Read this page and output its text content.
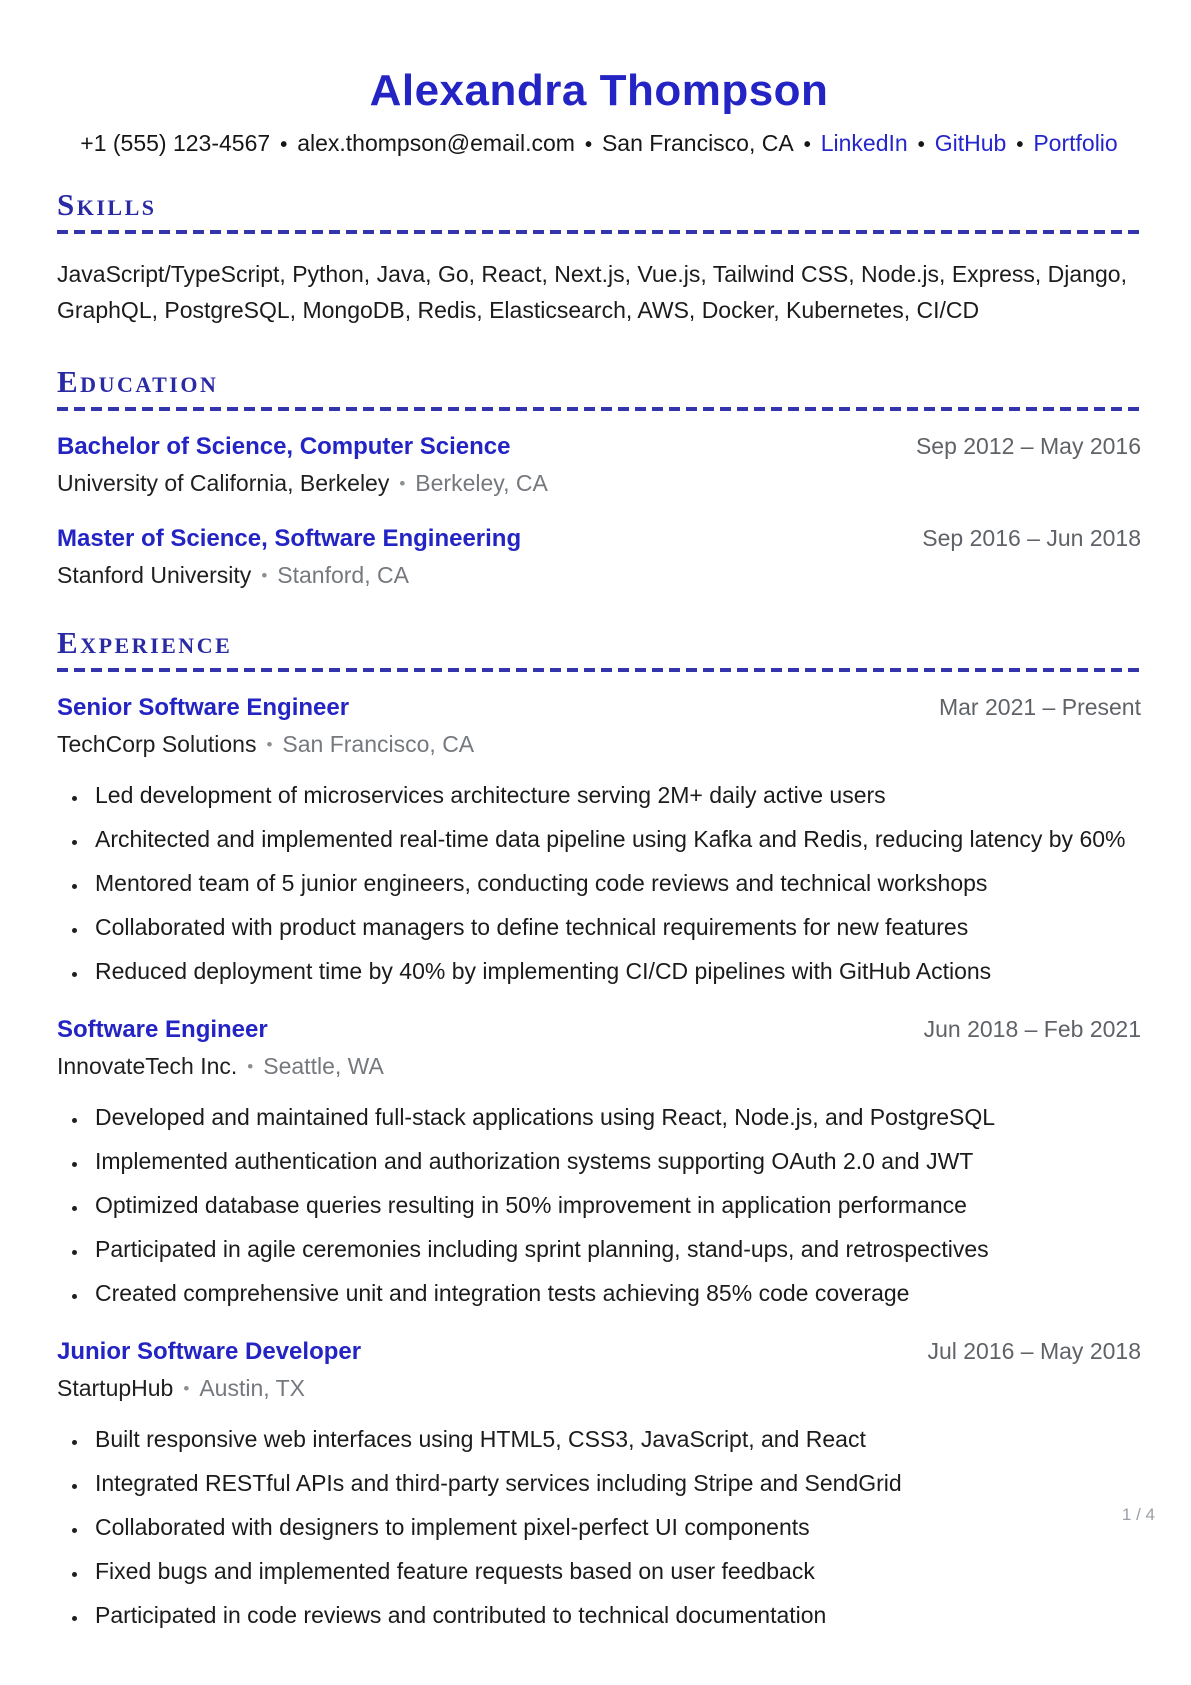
Alexandra Thompson
+1 (555) 123-4567 • alex.thompson@email.com • San Francisco, CA • LinkedIn • GitHub • Portfolio
Skills

JavaScript/TypeScript, Python, Java, Go, React, Next.js, Vue.js, Tailwind CSS, Node.js, Express, Django, GraphQL, PostgreSQL, MongoDB, Redis, Elasticsearch, AWS, Docker, Kubernetes, CI/CD

Education
Bachelor of Science, Computer Science	Sep 2012 – May 2016
University of California, Berkeley • Berkeley, CA
Master of Science, Software Engineering	Sep 2016 – Jun 2018
Stanford University • Stanford, CA
Experience
Senior Software Engineer	Mar 2021 – Present
TechCorp Solutions • San Francisco, CA
• Led development of microservices architecture serving 2M+ daily active users
• Architected and implemented real-time data pipeline using Kafka and Redis, reducing latency by 60%
• Mentored team of 5 junior engineers, conducting code reviews and technical workshops
• Collaborated with product managers to define technical requirements for new features
• Reduced deployment time by 40% by implementing CI/CD pipelines with GitHub Actions
Software Engineer	Jun 2018 – Feb 2021
InnovateTech Inc. • Seattle, WA
• Developed and maintained full-stack applications using React, Node.js, and PostgreSQL
• Implemented authentication and authorization systems supporting OAuth 2.0 and JWT
• Optimized database queries resulting in 50% improvement in application performance
• Participated in agile ceremonies including sprint planning, stand-ups, and retrospectives
• Created comprehensive unit and integration tests achieving 85% code coverage
Junior Software Developer	Jul 2016 – May 2018
StartupHub • Austin, TX
• Built responsive web interfaces using HTML5, CSS3, JavaScript, and React
• Integrated RESTful APIs and third-party services including Stripe and SendGrid
• Collaborated with designers to implement pixel-perfect UI components
• Fixed bugs and implemented feature requests based on user feedback
• Participated in code reviews and contributed to technical documentation
1 / 4
